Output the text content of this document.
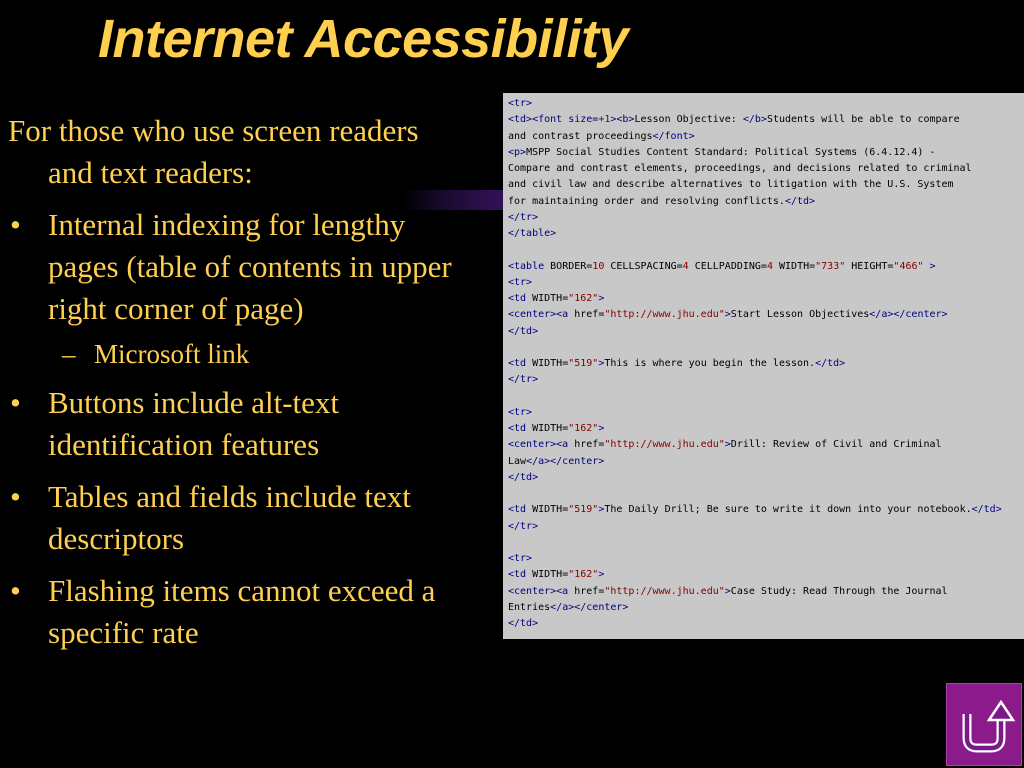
Internet Accessibility

For those who use screen readers and text readers:

• Internal indexing for lengthy pages (table of contents in upper right corner of page)
– Microsoft link
• Buttons include alt-text identification features
• Tables and fields include text descriptors
• Flashing items cannot exceed a specific rate
<tr>
<td><font size=+1><b>Lesson Objective: </b>Students will be able to compare
and contrast proceedings</font>
<p>MSPP Social Studies Content Standard: Political Systems (6.4.12.4) -
Compare and contrast elements, proceedings, and decisions related to criminal
and civil law and describe alternatives to litigation with the U.S. System
for maintaining order and resolving conflicts.</td>
</tr>
</table>
<table BORDER=10 CELLSPACING=4 CELLPADDING=4 WIDTH="733" HEIGHT="466" >
<tr>
<td WIDTH="162">
<center><a href="http://www.jhu.edu">Start Lesson Objectives</a></center>
</td>
<td WIDTH="519">This is where you begin the lesson.</td>
</tr>
<tr>
<td WIDTH="162">
<center><a href="http://www.jhu.edu">Drill: Review of Civil and Criminal
Law</a></center>
</td>
<td WIDTH="519">The Daily Drill; Be sure to write it down into your notebook.</td>
</tr>
<tr>
<td WIDTH="162">
<center><a href="http://www.jhu.edu">Case Study: Read Through the Journal
Entries</a></center>
</td>
